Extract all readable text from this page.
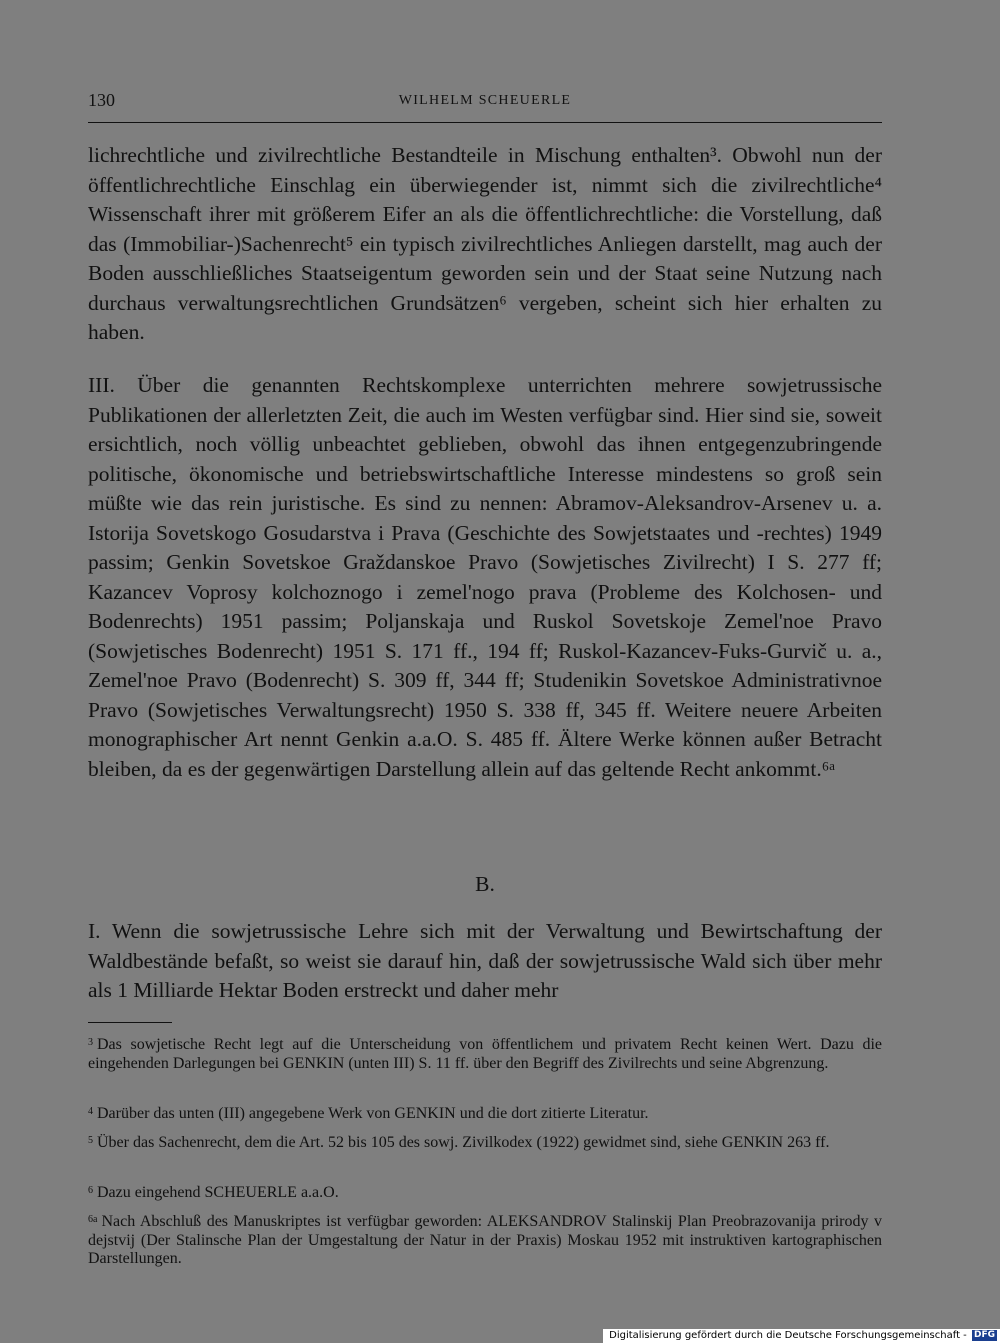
130	WILHELM SCHEUERLE

lichrechtliche und zivilrechtliche Bestandteile in Mischung enthalten³. Obwohl nun der öffentlichrechtliche Einschlag ein überwiegender ist, nimmt sich die zivilrechtliche⁴ Wissenschaft ihrer mit größerem Eifer an als die öffentlichrechtliche: die Vorstellung, daß das (Immobiliar-)Sachenrecht⁵ ein typisch zivilrechtliches Anliegen darstellt, mag auch der Boden ausschließliches Staatseigentum geworden sein und der Staat seine Nutzung nach durchaus verwaltungsrechtlichen Grundsätzen⁶ vergeben, scheint sich hier erhalten zu haben.

III. Über die genannten Rechtskomplexe unterrichten mehrere sowjetrussische Publikationen der allerletzten Zeit, die auch im Westen verfügbar sind. Hier sind sie, soweit ersichtlich, noch völlig unbeachtet geblieben, obwohl das ihnen entgegenzubringende politische, ökonomische und betriebswirtschaftliche Interesse mindestens so groß sein müßte wie das rein juristische. Es sind zu nennen: Abramov-Aleksandrov-Arsenev u. a. Istorija Sovetskogo Gosudarstva i Prava (Geschichte des Sowjetstaates und -rechtes) 1949 passim; Genkin Sovetskoe Graždanskoe Pravo (Sowjetisches Zivilrecht) I S. 277 ff; Kazancev Voprosy kolchoznogo i zemel'nogo prava (Probleme des Kolchosen- und Bodenrechts) 1951 passim; Poljanskaja und Ruskol Sovetskoje Zemel'noe Pravo (Sowjetisches Bodenrecht) 1951 S. 171 ff., 194 ff; Ruskol-Kazancev-Fuks-Gurvič u. a., Zemel'noe Pravo (Bodenrecht) S. 309 ff, 344 ff; Studenikin Sovetskoe Administrativnoe Pravo (Sowjetisches Verwaltungsrecht) 1950 S. 338 ff, 345 ff. Weitere neuere Arbeiten monographischer Art nennt Genkin a.a.O. S. 485 ff. Ältere Werke können außer Betracht bleiben, da es der gegenwärtigen Darstellung allein auf das geltende Recht ankommt.⁶ᵃ

B.

I. Wenn die sowjetrussische Lehre sich mit der Verwaltung und Bewirtschaftung der Waldbestände befaßt, so weist sie darauf hin, daß der sowjetrussische Wald sich über mehr als 1 Milliarde Hektar Boden erstreckt und daher mehr

$^3$ Das sowjetische Recht legt auf die Unterscheidung von öffentlichem und privatem Recht keinen Wert. Dazu die eingehenden Darlegungen bei GENKIN (unten III) S. 11 ff. über den Begriff des Zivilrechts und seine Abgrenzung.

$^4$ Darüber das unten (III) angegebene Werk von GENKIN und die dort zitierte Literatur.

$^5$ Über das Sachenrecht, dem die Art. 52 bis 105 des sowj. Zivilkodex (1922) gewidmet sind, siehe GENKIN 263 ff.

$^6$ Dazu eingehend SCHEUERLE a.a.O.

$^{6a}$ Nach Abschluß des Manuskriptes ist verfügbar geworden: ALEKSANDROV Stalinskij Plan Preobrazovanija prirody v dejstvij (Der Stalinsche Plan der Umgestaltung der Natur in der Praxis) Moskau 1952 mit instruktiven kartographischen Darstellungen.

Digitalisierung gefördert durch die Deutsche Forschungsgemeinschaft - DFG
